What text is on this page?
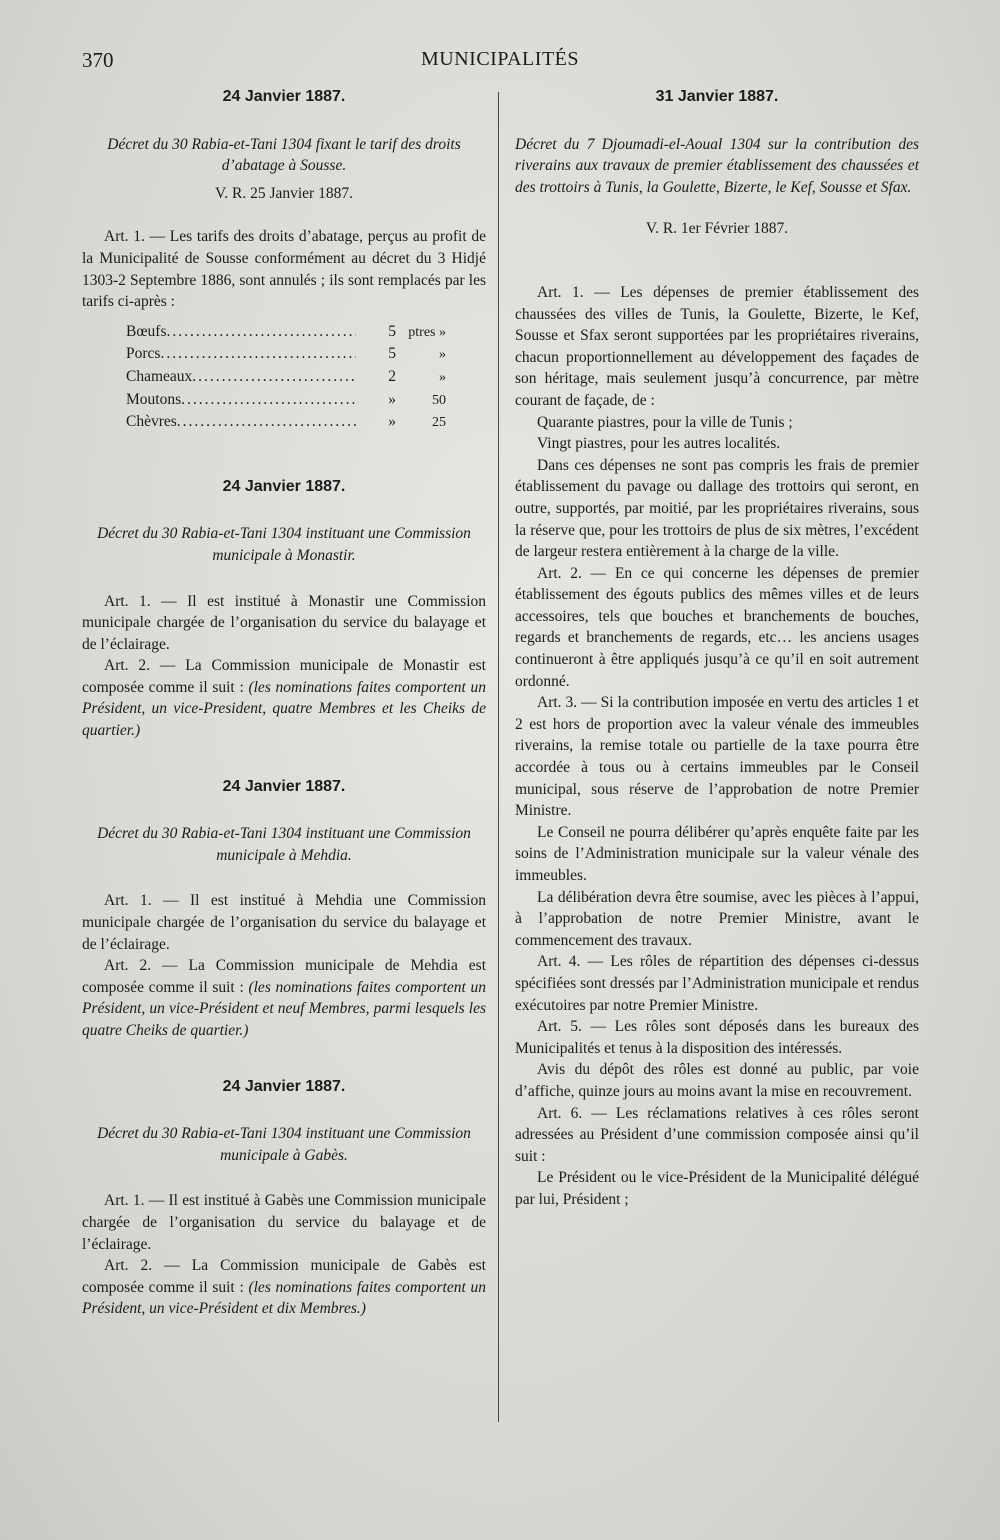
370	MUNICIPALITÉS
24 Janvier 1887.
Décret du 30 Rabia-et-Tani 1304 fixant le tarif des droits d’abatage à Sousse.
V. R. 25 Janvier 1887.

Art. 1. — Les tarifs des droits d’abatage, perçus au profit de la Municipalité de Sousse conformément au décret du 3 Hidjé 1303-2 Septembre 1886, sont annulés ; ils sont remplacés par les tarifs ci-après :

Bœufs .....	5 ptres »
Porcs .....	5	»
Chameaux .....	2	»
Moutons .....	»	50
Chèvres .....	»	25
24 Janvier 1887.
Décret du 30 Rabia-et-Tani 1304 instituant une Commission municipale à Monastir.

Art. 1. — Il est institué à Monastir une Commission municipale chargée de l’organisation du service du balayage et de l’éclairage.

Art. 2. — La Commission municipale de Monastir est composée comme il suit : (les nominations faites comportent un Président, un vice-President, quatre Membres et les Cheiks de quartier.)

24 Janvier 1887.
Décret du 30 Rabia-et-Tani 1304 instituant une Commission municipale à Mehdia.

Art. 1. — Il est institué à Mehdia une Commission municipale chargée de l’organisation du service du balayage et de l’éclairage.

Art. 2. — La Commission municipale de Mehdia est composée comme il suit : (les nominations faites comportent un Président, un vice-Président et neuf Membres, parmi lesquels les quatre Cheiks de quartier.)

24 Janvier 1887.
Décret du 30 Rabia-et-Tani 1304 instituant une Commission municipale à Gabès.

Art. 1. — Il est institué à Gabès une Commission municipale chargée de l’organisation du service du balayage et de l’éclairage.

Art. 2. — La Commission municipale de Gabès est composée comme il suit : (les nominations faites comportent un Président, un vice-Président et dix Membres.)

31 Janvier 1887.
Décret du 7 Djoumadi-el-Aoual 1304 sur la contribution des riverains aux travaux de premier établissement des chaussées et des trottoirs à Tunis, la Goulette, Bizerte, le Kef, Sousse et Sfax.
V. R. 1er Février 1887.

Art. 1. — Les dépenses de premier établissement des chaussées des villes de Tunis, la Goulette, Bizerte, le Kef, Sousse et Sfax seront supportées par les propriétaires riverains, chacun proportionnellement au développement des façades de son héritage, mais seulement jusqu’à concurrence, par mètre courant de façade, de :

Quarante piastres, pour la ville de Tunis ;

Vingt piastres, pour les autres localités.

Dans ces dépenses ne sont pas compris les frais de premier établissement du pavage ou dallage des trottoirs qui seront, en outre, supportés, par moitié, par les propriétaires riverains, sous la réserve que, pour les trottoirs de plus de six mètres, l’excédent de largeur restera entièrement à la charge de la ville.

Art. 2. — En ce qui concerne les dépenses de premier établissement des égouts publics des mêmes villes et de leurs accessoires, tels que bouches et branchements de bouches, regards et branchements de regards, etc… les anciens usages continueront à être appliqués jusqu’à ce qu’il en soit autrement ordonné.

Art. 3. — Si la contribution imposée en vertu des articles 1 et 2 est hors de proportion avec la valeur vénale des immeubles riverains, la remise totale ou partielle de la taxe pourra être accordée à tous ou à certains immeubles par le Conseil municipal, sous réserve de l’approbation de notre Premier Ministre.

Le Conseil ne pourra délibérer qu’après enquête faite par les soins de l’Administration municipale sur la valeur vénale des immeubles.

La délibération devra être soumise, avec les pièces à l’appui, à l’approbation de notre Premier Ministre, avant le commencement des travaux.

Art. 4. — Les rôles de répartition des dépenses ci-dessus spécifiées sont dressés par l’Administration municipale et rendus exécutoires par notre Premier Ministre.

Art. 5. — Les rôles sont déposés dans les bureaux des Municipalités et tenus à la disposition des intéressés.

Avis du dépôt des rôles est donné au public, par voie d’affiche, quinze jours au moins avant la mise en recouvrement.

Art. 6. — Les réclamations relatives à ces rôles seront adressées au Président d’une commission composée ainsi qu’il suit :

Le Président ou le vice-Président de la Municipalité délégué par lui, Président ;
